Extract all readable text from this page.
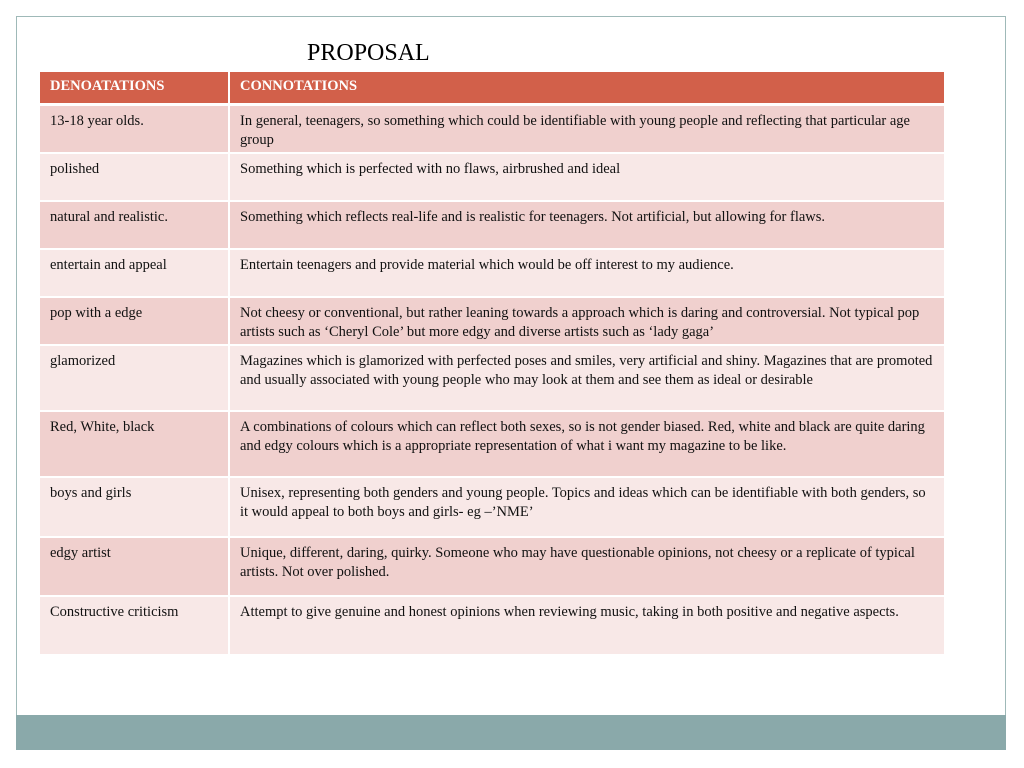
PROPOSAL
DENOATATIONS	CONNOTATIONS
13-18 year olds.	In general, teenagers, so something which could be identifiable with young people and reflecting that particular age group
polished	Something which is perfected with no flaws, airbrushed and ideal
natural and realistic.	Something which reflects real-life and is realistic for teenagers. Not artificial, but allowing for flaws.
entertain and appeal	Entertain teenagers and provide material which would be off interest to my audience.
pop with a edge	Not cheesy or conventional, but rather leaning towards a approach which is daring and controversial. Not typical pop artists such as ‘Cheryl Cole’ but more edgy and diverse artists such as ‘lady gaga’
glamorized	Magazines which is glamorized with perfected poses and smiles, very artificial and shiny. Magazines that are promoted and usually associated with young people who may look at them and see them as ideal or desirable
Red, White, black	A combinations of colours which can reflect both sexes, so is not gender biased. Red, white and black are quite daring and edgy colours which is a appropriate representation of what i want my magazine to be like.
boys and girls	Unisex, representing both genders and young people. Topics and ideas which can be identifiable with both genders, so it would appeal to both boys and girls- eg –’NME’
edgy artist	Unique, different, daring, quirky. Someone who may have questionable opinions, not cheesy or a replicate of typical artists. Not over polished.
Constructive criticism	Attempt to give genuine and honest opinions when reviewing music, taking in both positive and negative aspects.
